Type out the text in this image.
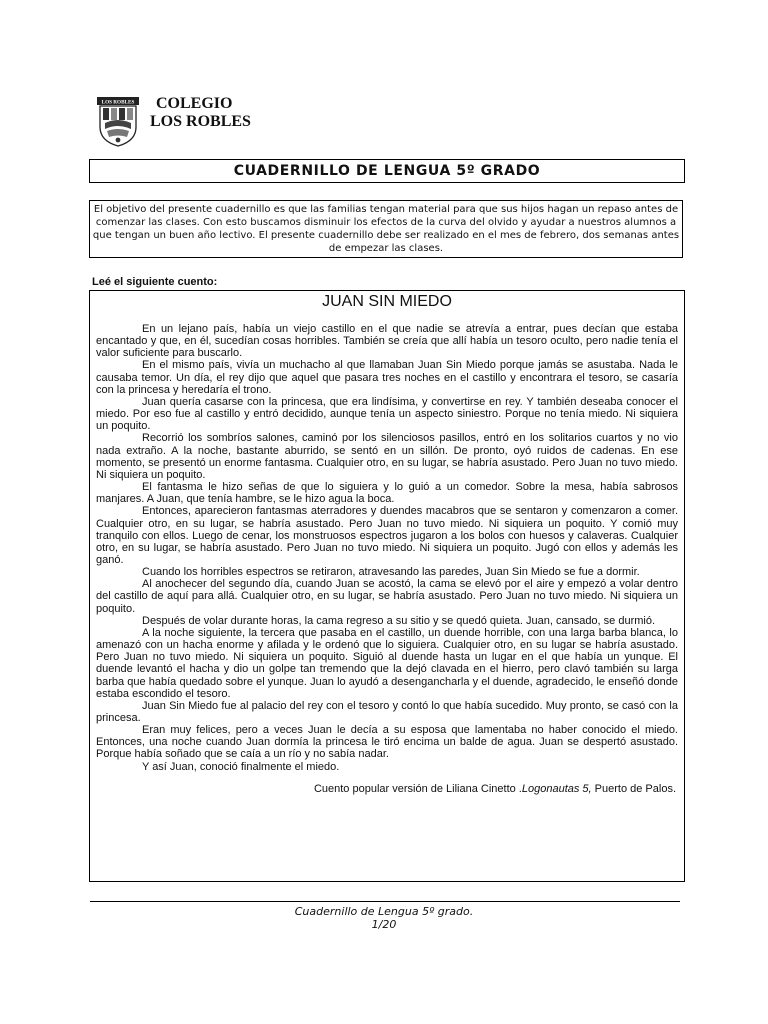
LOS ROBLES	COLEGIO
LOS ROBLES
CUADERNILLO DE LENGUA 5º GRADO
El objetivo del presente cuadernillo es que las familias tengan material para que sus hijos hagan un repaso antes de comenzar las clases. Con esto buscamos disminuir los efectos de la curva del olvido y ayudar a nuestros alumnos a que tengan un buen año lectivo. El presente cuadernillo debe ser realizado en el mes de febrero, dos semanas antes de empezar las clases.
Leé el siguiente cuento:
JUAN SIN MIEDO

En un lejano país, había un viejo castillo en el que nadie se atrevía a entrar, pues decían que estaba encantado y que, en él, sucedían cosas horribles. También se creía que allí había un tesoro oculto, pero nadie tenía el valor suficiente para buscarlo.

En el mismo país, vivía un muchacho al que llamaban Juan Sin Miedo porque jamás se asustaba. Nada le causaba temor. Un día, el rey dijo que aquel que pasara tres noches en el castillo y encontrara el tesoro, se casaría con la princesa y heredaría el trono.

Juan quería casarse con la princesa, que era lindísima, y convertirse en rey. Y también deseaba conocer el miedo. Por eso fue al castillo y entró decidido, aunque tenía un aspecto siniestro. Porque no tenía miedo. Ni siquiera un poquito.

Recorrió los sombríos salones, caminó por los silenciosos pasillos, entró en los solitarios cuartos y no vio nada extraño. A la noche, bastante aburrido, se sentó en un sillón. De pronto, oyó ruidos de cadenas. En ese momento, se presentó un enorme fantasma. Cualquier otro, en su lugar, se habría asustado. Pero Juan no tuvo miedo. Ni siquiera un poquito.

El fantasma le hizo señas de que lo siguiera y lo guió a un comedor. Sobre la mesa, había sabrosos manjares. A Juan, que tenía hambre, se le hizo agua la boca.

Entonces, aparecieron fantasmas aterradores y duendes macabros que se sentaron y comenzaron a comer. Cualquier otro, en su lugar, se habría asustado. Pero Juan no tuvo miedo. Ni siquiera un poquito. Y comió muy tranquilo con ellos. Luego de cenar, los monstruosos espectros jugaron a los bolos con huesos y calaveras. Cualquier otro, en su lugar, se habría asustado. Pero Juan no tuvo miedo. Ni siquiera un poquito. Jugó con ellos y además les ganó.

Cuando los horribles espectros se retiraron, atravesando las paredes, Juan Sin Miedo se fue a dormir.

Al anochecer del segundo día, cuando Juan se acostó, la cama se elevó por el aire y empezó a volar dentro del castillo de aquí para allá. Cualquier otro, en su lugar, se habría asustado. Pero Juan no tuvo miedo. Ni siquiera un poquito.

Después de volar durante horas, la cama regreso a su sitio y se quedó quieta. Juan, cansado, se durmió.

A la noche siguiente, la tercera que pasaba en el castillo, un duende horrible, con una larga barba blanca, lo amenazó con un hacha enorme y afilada y le ordenó que lo siguiera. Cualquier otro, en su lugar se habría asustado. Pero Juan no tuvo miedo. Ni siquiera un poquito. Siguió al duende hasta un lugar en el que había un yunque. El duende levantó el hacha y dio un golpe tan tremendo que la dejó clavada en el hierro, pero clavó también su larga barba que había quedado sobre el yunque. Juan lo ayudó a desengancharla y el duende, agradecido, le enseñó donde estaba escondido el tesoro.

Juan Sin Miedo fue al palacio del rey con el tesoro y contó lo que había sucedido. Muy pronto, se casó con la princesa.

Eran muy felices, pero a veces Juan le decía a su esposa que lamentaba no haber conocido el miedo. Entonces, una noche cuando Juan dormía la princesa le tiró encima un balde de agua. Juan se despertó asustado. Porque había soñado que se caía a un río y no sabía nadar.

Y así Juan, conoció finalmente el miedo.

Cuento popular versión de Liliana Cinetto .Logonautas 5, Puerto de Palos.
Cuadernillo de Lengua 5º grado.
1/20
